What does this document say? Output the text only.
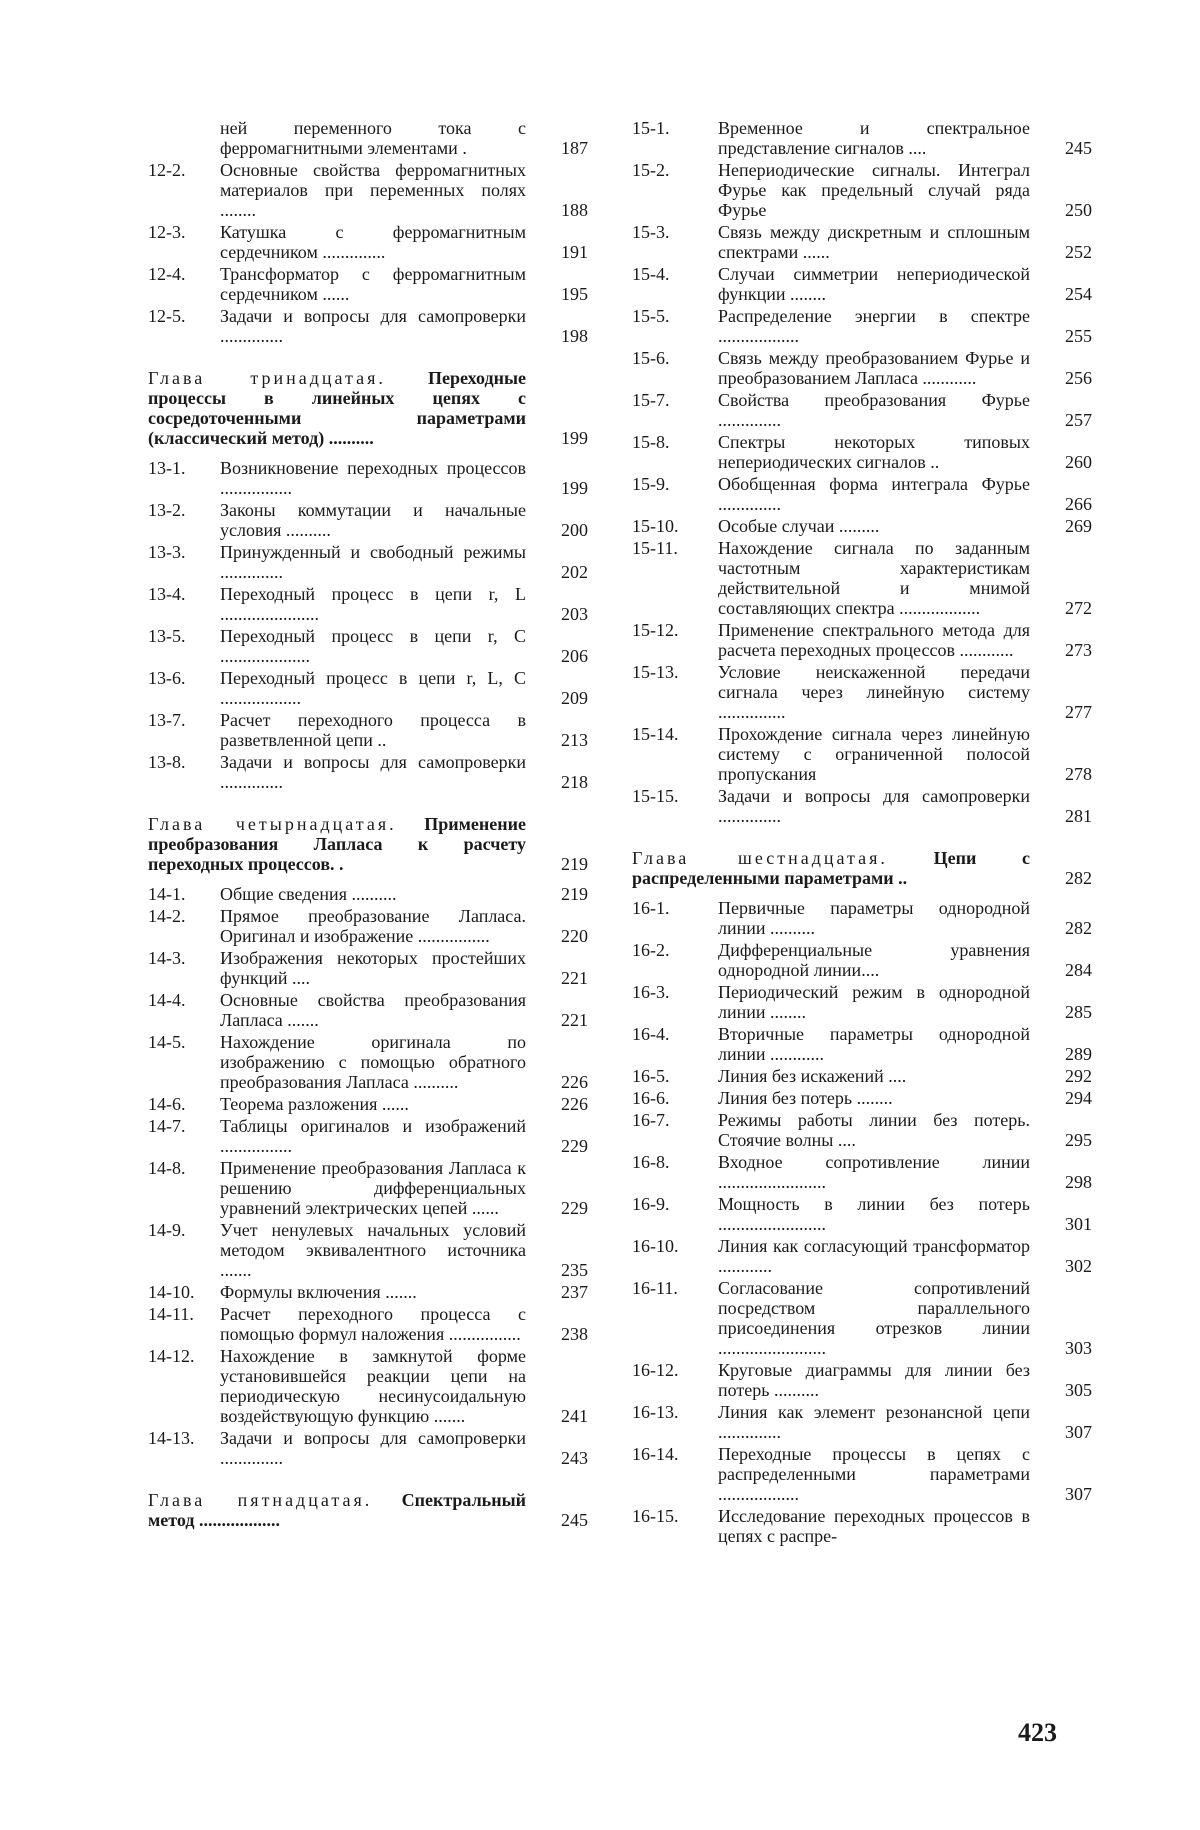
ней переменного тока с ферромагнитными элементами .	187
12-2. Основные свойства ферромагнитных материалов при переменных полях ........	188
12-3. Катушка с ферромагнитным сердечником ..............	191
12-4. Трансформатор с ферромагнитным сердечником ......	195
12-5. Задачи и вопросы для самопроверки ..............	198
Глава тринадцатая. Переходные процессы в линейных цепях с сосредоточенными параметрами (классический метод) ..........	199
13-1. Возникновение переходных процессов ................	199
13-2. Законы коммутации и начальные условия ..........	200
13-3. Принужденный и свободный режимы ..............	202
13-4. Переходный процесс в цепи r, L ......................	203
13-5. Переходный процесс в цепи r, C ....................	206
13-6. Переходный процесс в цепи r, L, C ..................	209
13-7. Расчет переходного процесса в разветвленной цепи ..	213
13-8. Задачи и вопросы для самопроверки ..............	218
Глава четырнадцатая. Применение преобразования Лапласа к расчету переходных процессов. .	219
14-1. Общие сведения ..........	219
14-2. Прямое преобразование Лапласа. Оригинал и изображение ................	220
14-3. Изображения некоторых простейших функций ....	221
14-4. Основные свойства преобразования Лапласа .......	221
14-5. Нахождение оригинала по изображению с помощью обратного преобразования Лапласа ..........	226
14-6. Теорема разложения ......	226
14-7. Таблицы оригиналов и изображений ................	229
14-8. Применение преобразования Лапласа к решению дифференциальных уравнений электрических цепей ......	229
14-9. Учет ненулевых начальных условий методом эквивалентного источника .......	235
14-10. Формулы включения .......	237
14-11. Расчет переходного процесса с помощью формул наложения ................	238
14-12. Нахождение в замкнутой форме установившейся реакции цепи на периодическую несинусоидальную воздействующую функцию .......	241
14-13. Задачи и вопросы для самопроверки ..............	243
Глава пятнадцатая. Спектральный метод ..................	245
15-1.	Временное и спектральное представление сигналов ....	245
15-2.	Непериодические сигналы. Интеграл Фурье как предельный случай ряда Фурье	250
15-3.	Связь между дискретным и сплошным спектрами ......	252
15-4.	Случаи симметрии непериодической функции ........	254
15-5.	Распределение энергии в спектре ..................	255
15-6.	Связь между преобразованием Фурье и преобразованием Лапласа ............	256
15-7.	Свойства преобразования Фурье ..............	257
15-8.	Спектры некоторых типовых непериодических сигналов ..	260
15-9.	Обобщенная форма интеграла Фурье ..............	266
15-10. Особые случаи .........	269
15-11. Нахождение сигнала по заданным частотным характеристикам действительной и мнимой составляющих спектра ..................	272
15-12. Применение спектрального метода для расчета переходных процессов ............	273
15-13. Условие неискаженной передачи сигнала через линейную систему ...............	277
15-14. Прохождение сигнала через линейную систему с ограниченной полосой пропускания	278
15-15. Задачи и вопросы для самопроверки ..............	281
Глава шестнадцатая.	Цепи с распределенными параметрами ..	282
16-1.	Первичные параметры однородной линии ..........	282
16-2.	Дифференциальные уравнения однородной линии....	284
16-3.	Периодический режим в однородной линии ........	285
16-4.	Вторичные параметры однородной линии ............	289
16-5.	Линия без искажений ....	292
16-6.	Линия без потерь ........	294
16-7.	Режимы работы линии без потерь. Стоячие волны ....	295
16-8.	Входное сопротивление линии ........................	298
16-9.	Мощность в линии без потерь ........................	301
16-10. Линия как согласующий трансформатор ............	302
16-11. Согласование сопротивлений посредством параллельного присоединения отрезков линии ........................	303
16-12. Круговые диаграммы для линии без потерь ..........	305
16-13. Линия как элемент резонансной цепи ..............	307
16-14. Переходные процессы в цепях с распределенными параметрами ..................	307
16-15. Исследование переходных процессов в цепях с распре-
423
